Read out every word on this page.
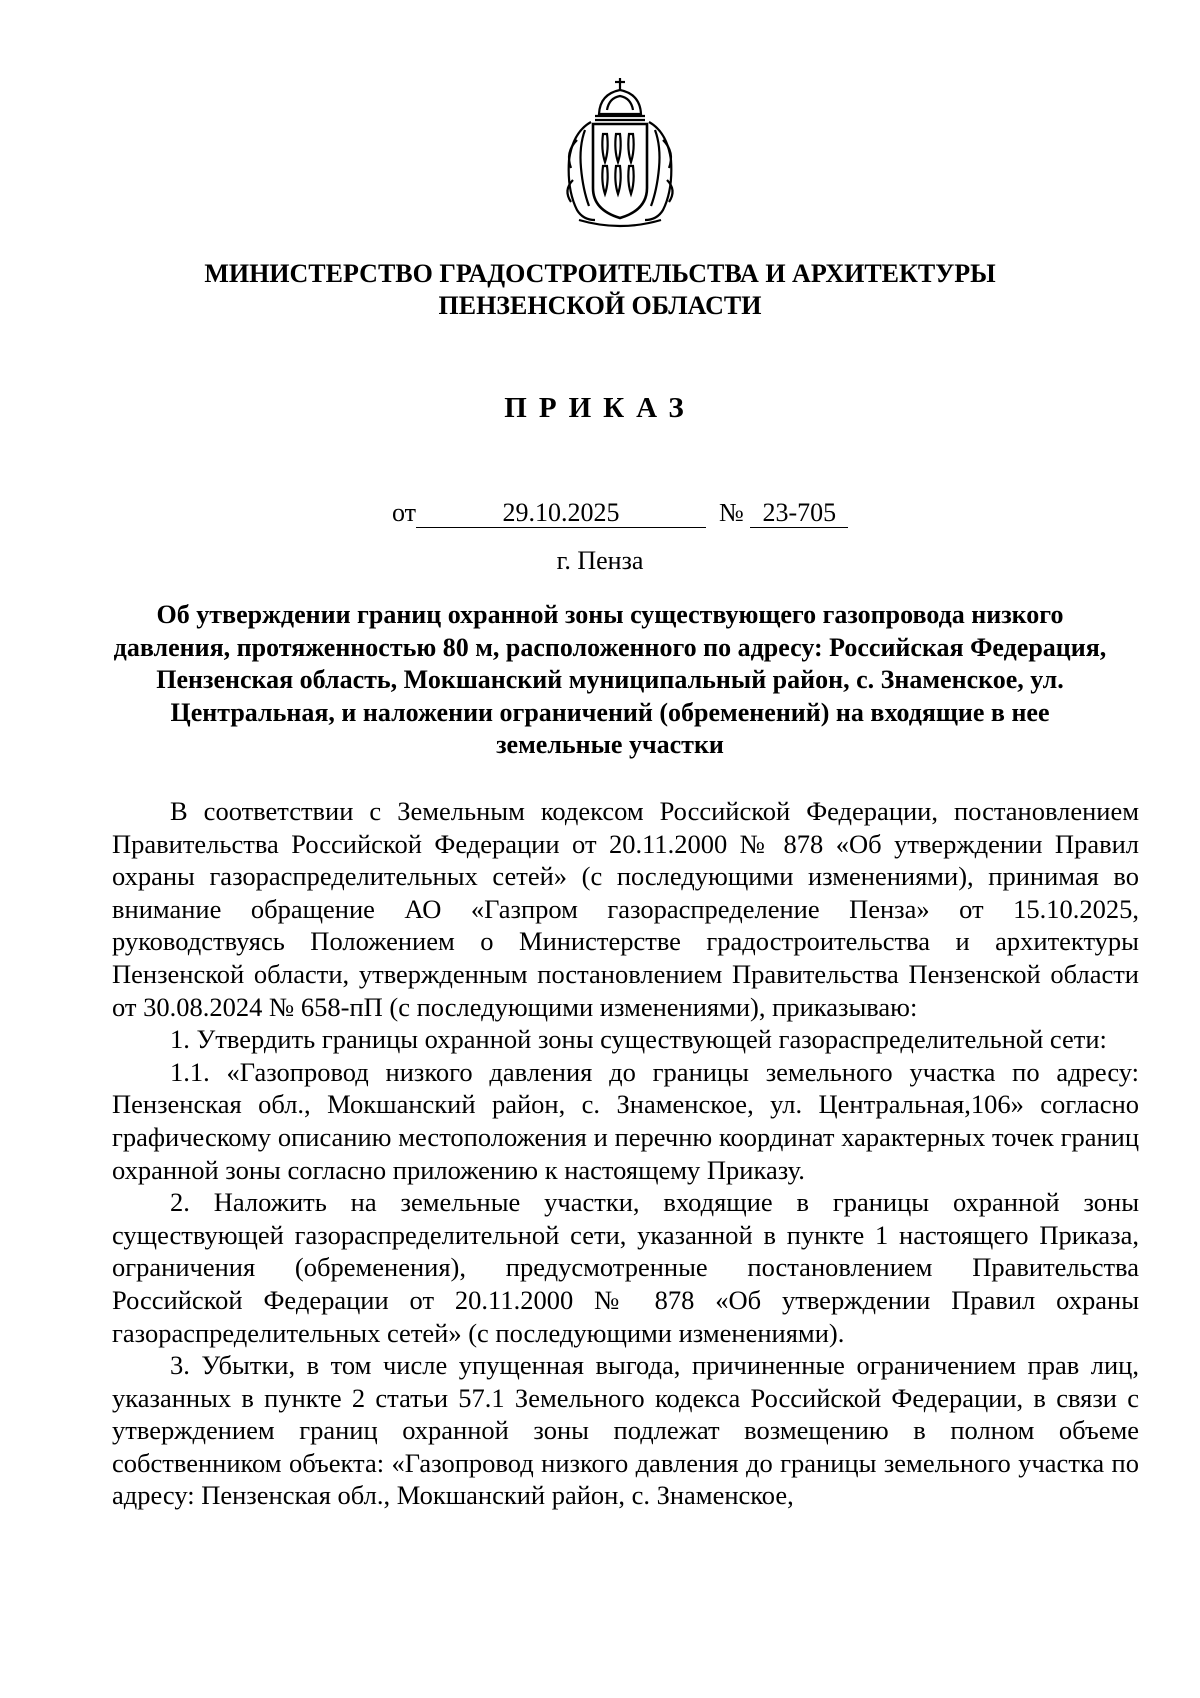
МИНИСТЕРСТВО ГРАДОСТРОИТЕЛЬСТВА И АРХИТЕКТУРЫ
ПЕНЗЕНСКОЙ ОБЛАСТИ
ПРИКАЗ
от	29.10.2025	№ 23-705
г. Пенза
Об утверждении границ охранной зоны существующего газопровода низкого давления, протяженностью 80 м, расположенного по адресу: Российская Федерация, Пензенская область, Мокшанский муниципальный район, с. Знаменское, ул. Центральная, и наложении ограничений (обременений) на входящие в нее земельные участки

В соответствии с Земельным кодексом Российской Федерации, постановлением Правительства Российской Федерации от 20.11.2000 № 878 «Об утверждении Правил охраны газораспределительных сетей» (с последующими изменениями), принимая во внимание обращение АО «Газпром газораспределение Пенза» от 15.10.2025, руководствуясь Положением о Министерстве градостроительства и архитектуры Пензенской области, утвержденным постановлением Правительства Пензенской области от 30.08.2024 № 658-пП (с последующими изменениями), приказываю:

1. Утвердить границы охранной зоны существующей газораспределительной сети:

1.1. «Газопровод низкого давления до границы земельного участка по адресу: Пензенская обл., Мокшанский район, с. Знаменское, ул. Центральная,106» согласно графическому описанию местоположения и перечню координат характерных точек границ охранной зоны согласно приложению к настоящему Приказу.

2. Наложить на земельные участки, входящие в границы охранной зоны существующей газораспределительной сети, указанной в пункте 1 настоящего Приказа, ограничения (обременения), предусмотренные постановлением Правительства Российской Федерации от 20.11.2000 № 878 «Об утверждении Правил охраны газораспределительных сетей» (с последующими изменениями).

3. Убытки, в том числе упущенная выгода, причиненные ограничением прав лиц, указанных в пункте 2 статьи 57.1 Земельного кодекса Российской Федерации, в связи с утверждением границ охранной зоны подлежат возмещению в полном объеме собственником объекта: «Газопровод низкого давления до границы земельного участка по адресу: Пензенская обл., Мокшанский район, с. Знаменское,
